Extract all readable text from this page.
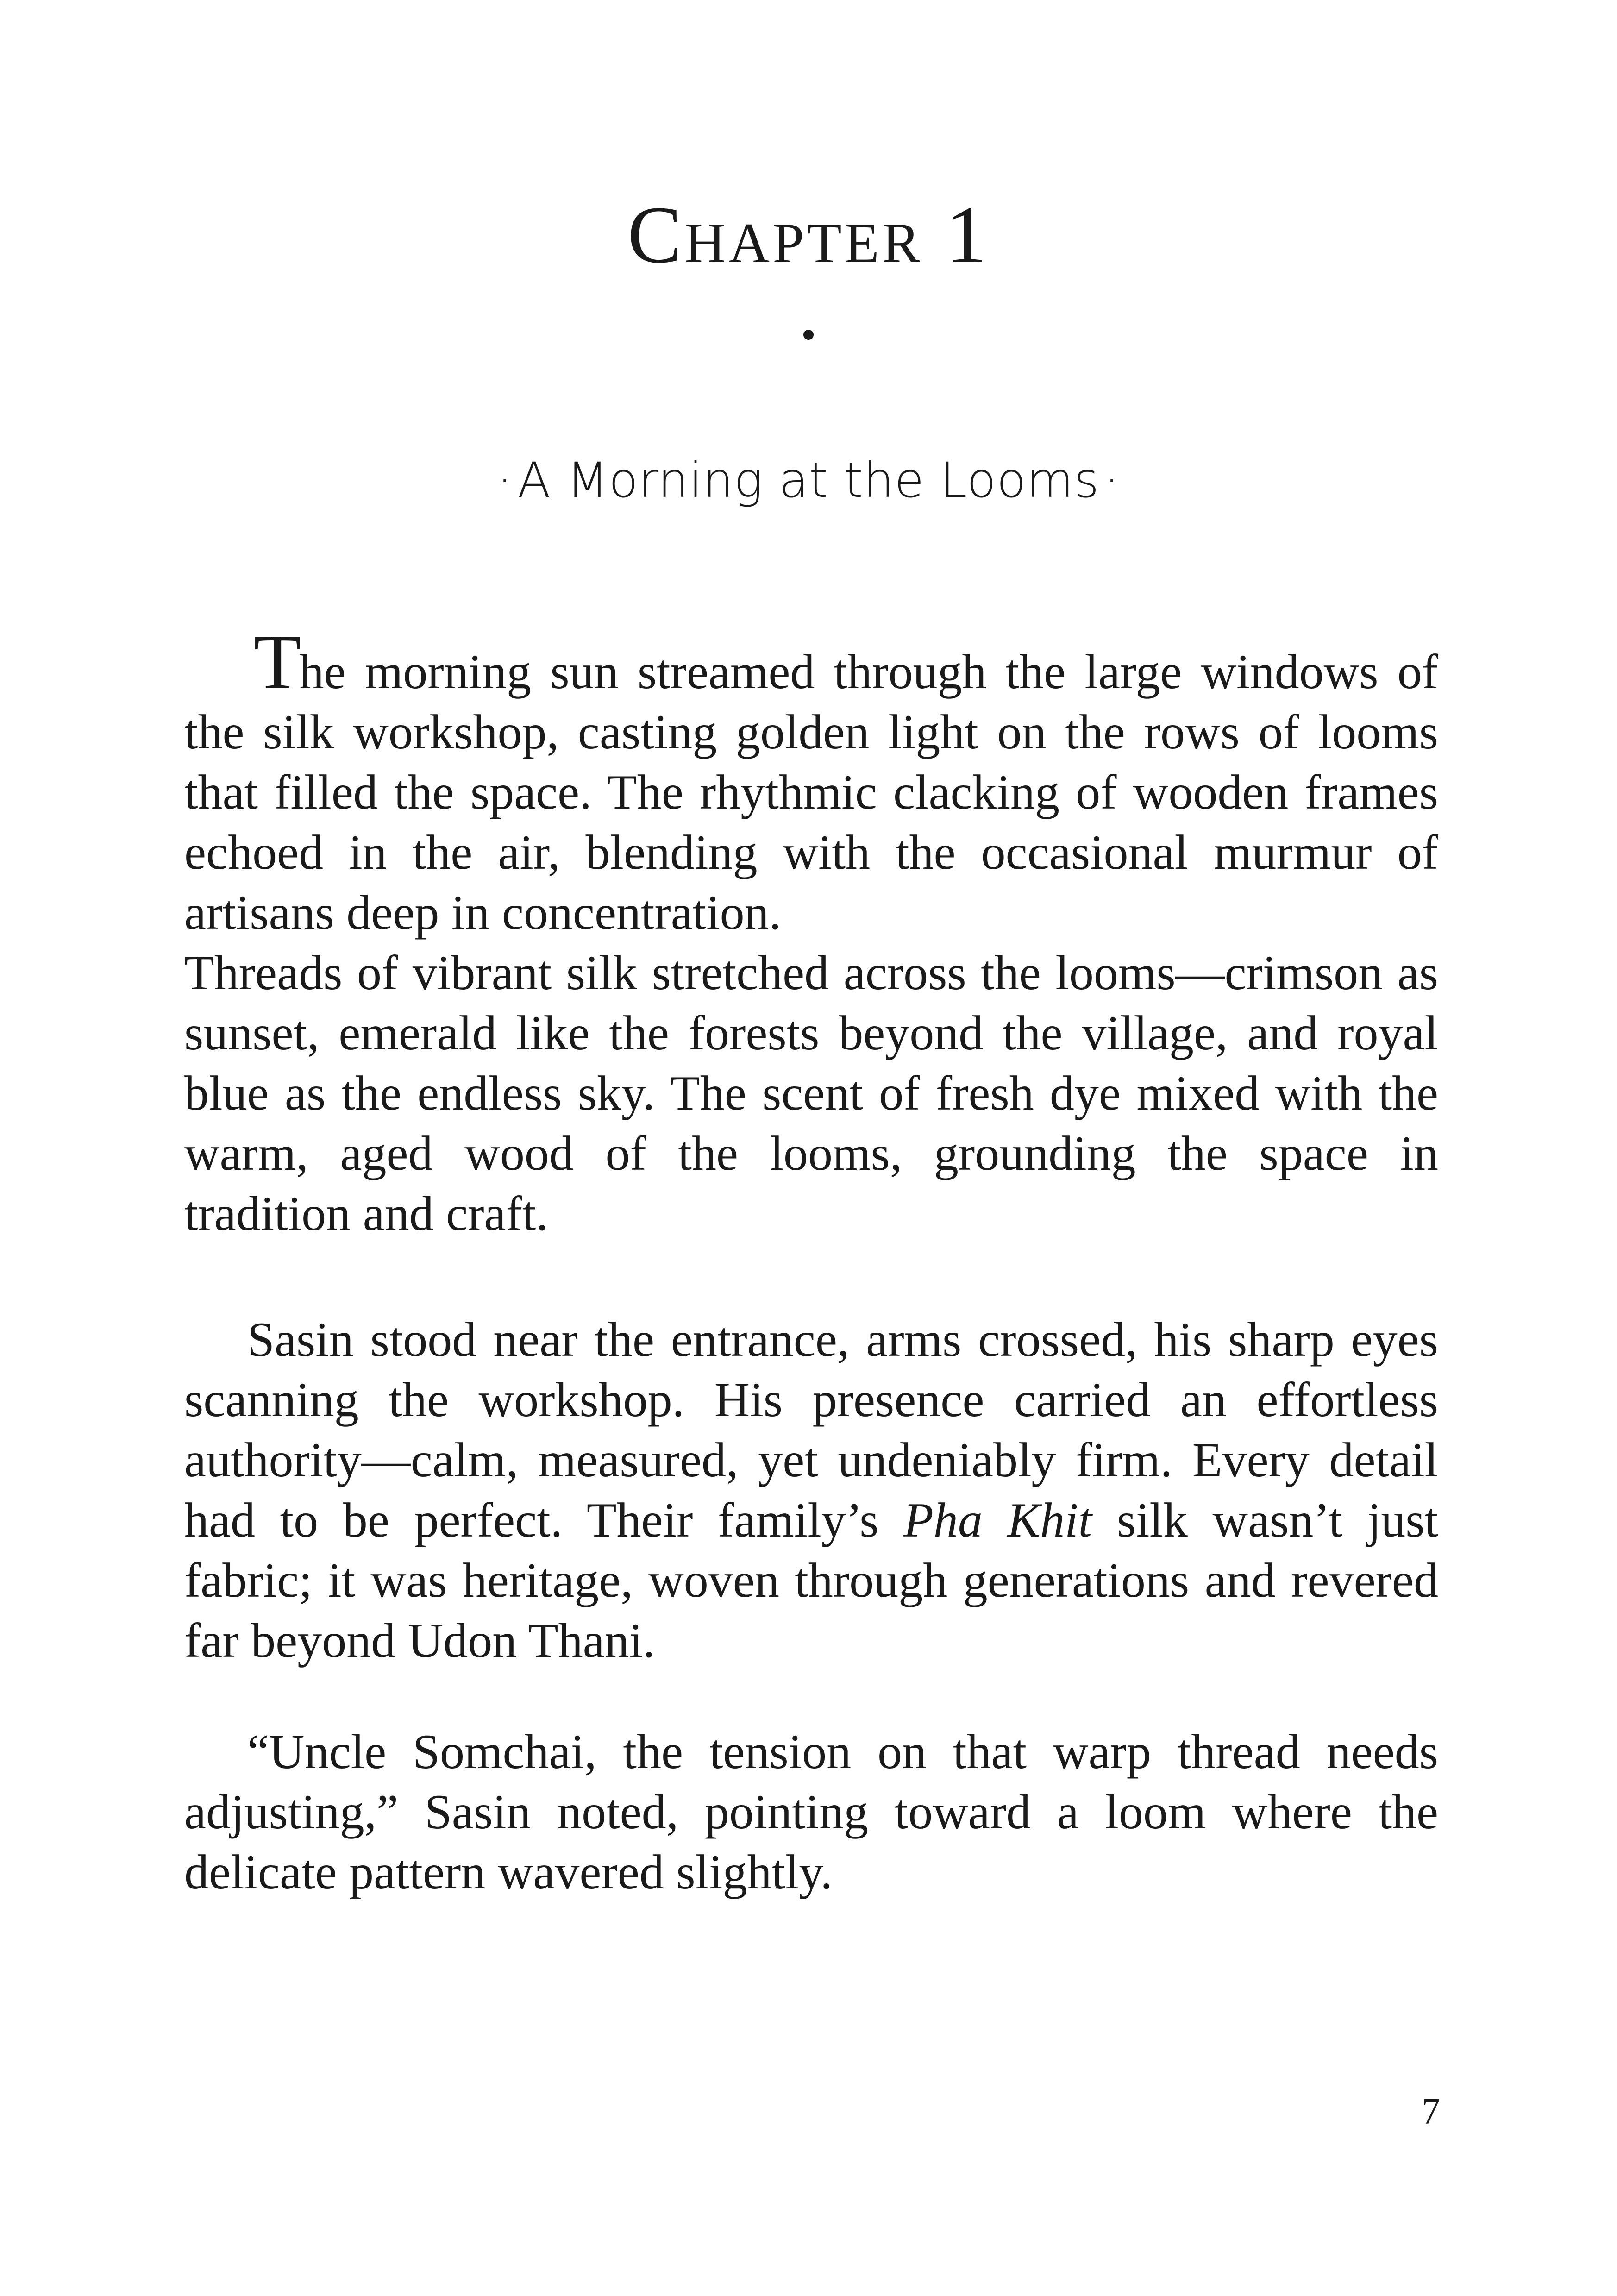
Chapter 1
·A Morning at the Looms·

The morning sun streamed through the large windows of the silk workshop, casting golden light on the rows of looms that filled the space. The rhythmic clacking of wooden frames echoed in the air, blending with the occasional murmur of artisans deep in concentration.

Threads of vibrant silk stretched across the looms—crimson as sunset, emerald like the forests beyond the village, and royal blue as the endless sky. The scent of fresh dye mixed with the warm, aged wood of the looms, grounding the space in tradition and craft.

Sasin stood near the entrance, arms crossed, his sharp eyes scanning the workshop. His presence carried an effortless authority—calm, measured, yet undeniably firm. Every detail had to be perfect. Their family’s Pha Khit silk wasn’t just fabric; it was heritage, woven through generations and revered far beyond Udon Thani.

“Uncle Somchai, the tension on that warp thread needs adjusting,” Sasin noted, pointing toward a loom where the delicate pattern wavered slightly.

7
